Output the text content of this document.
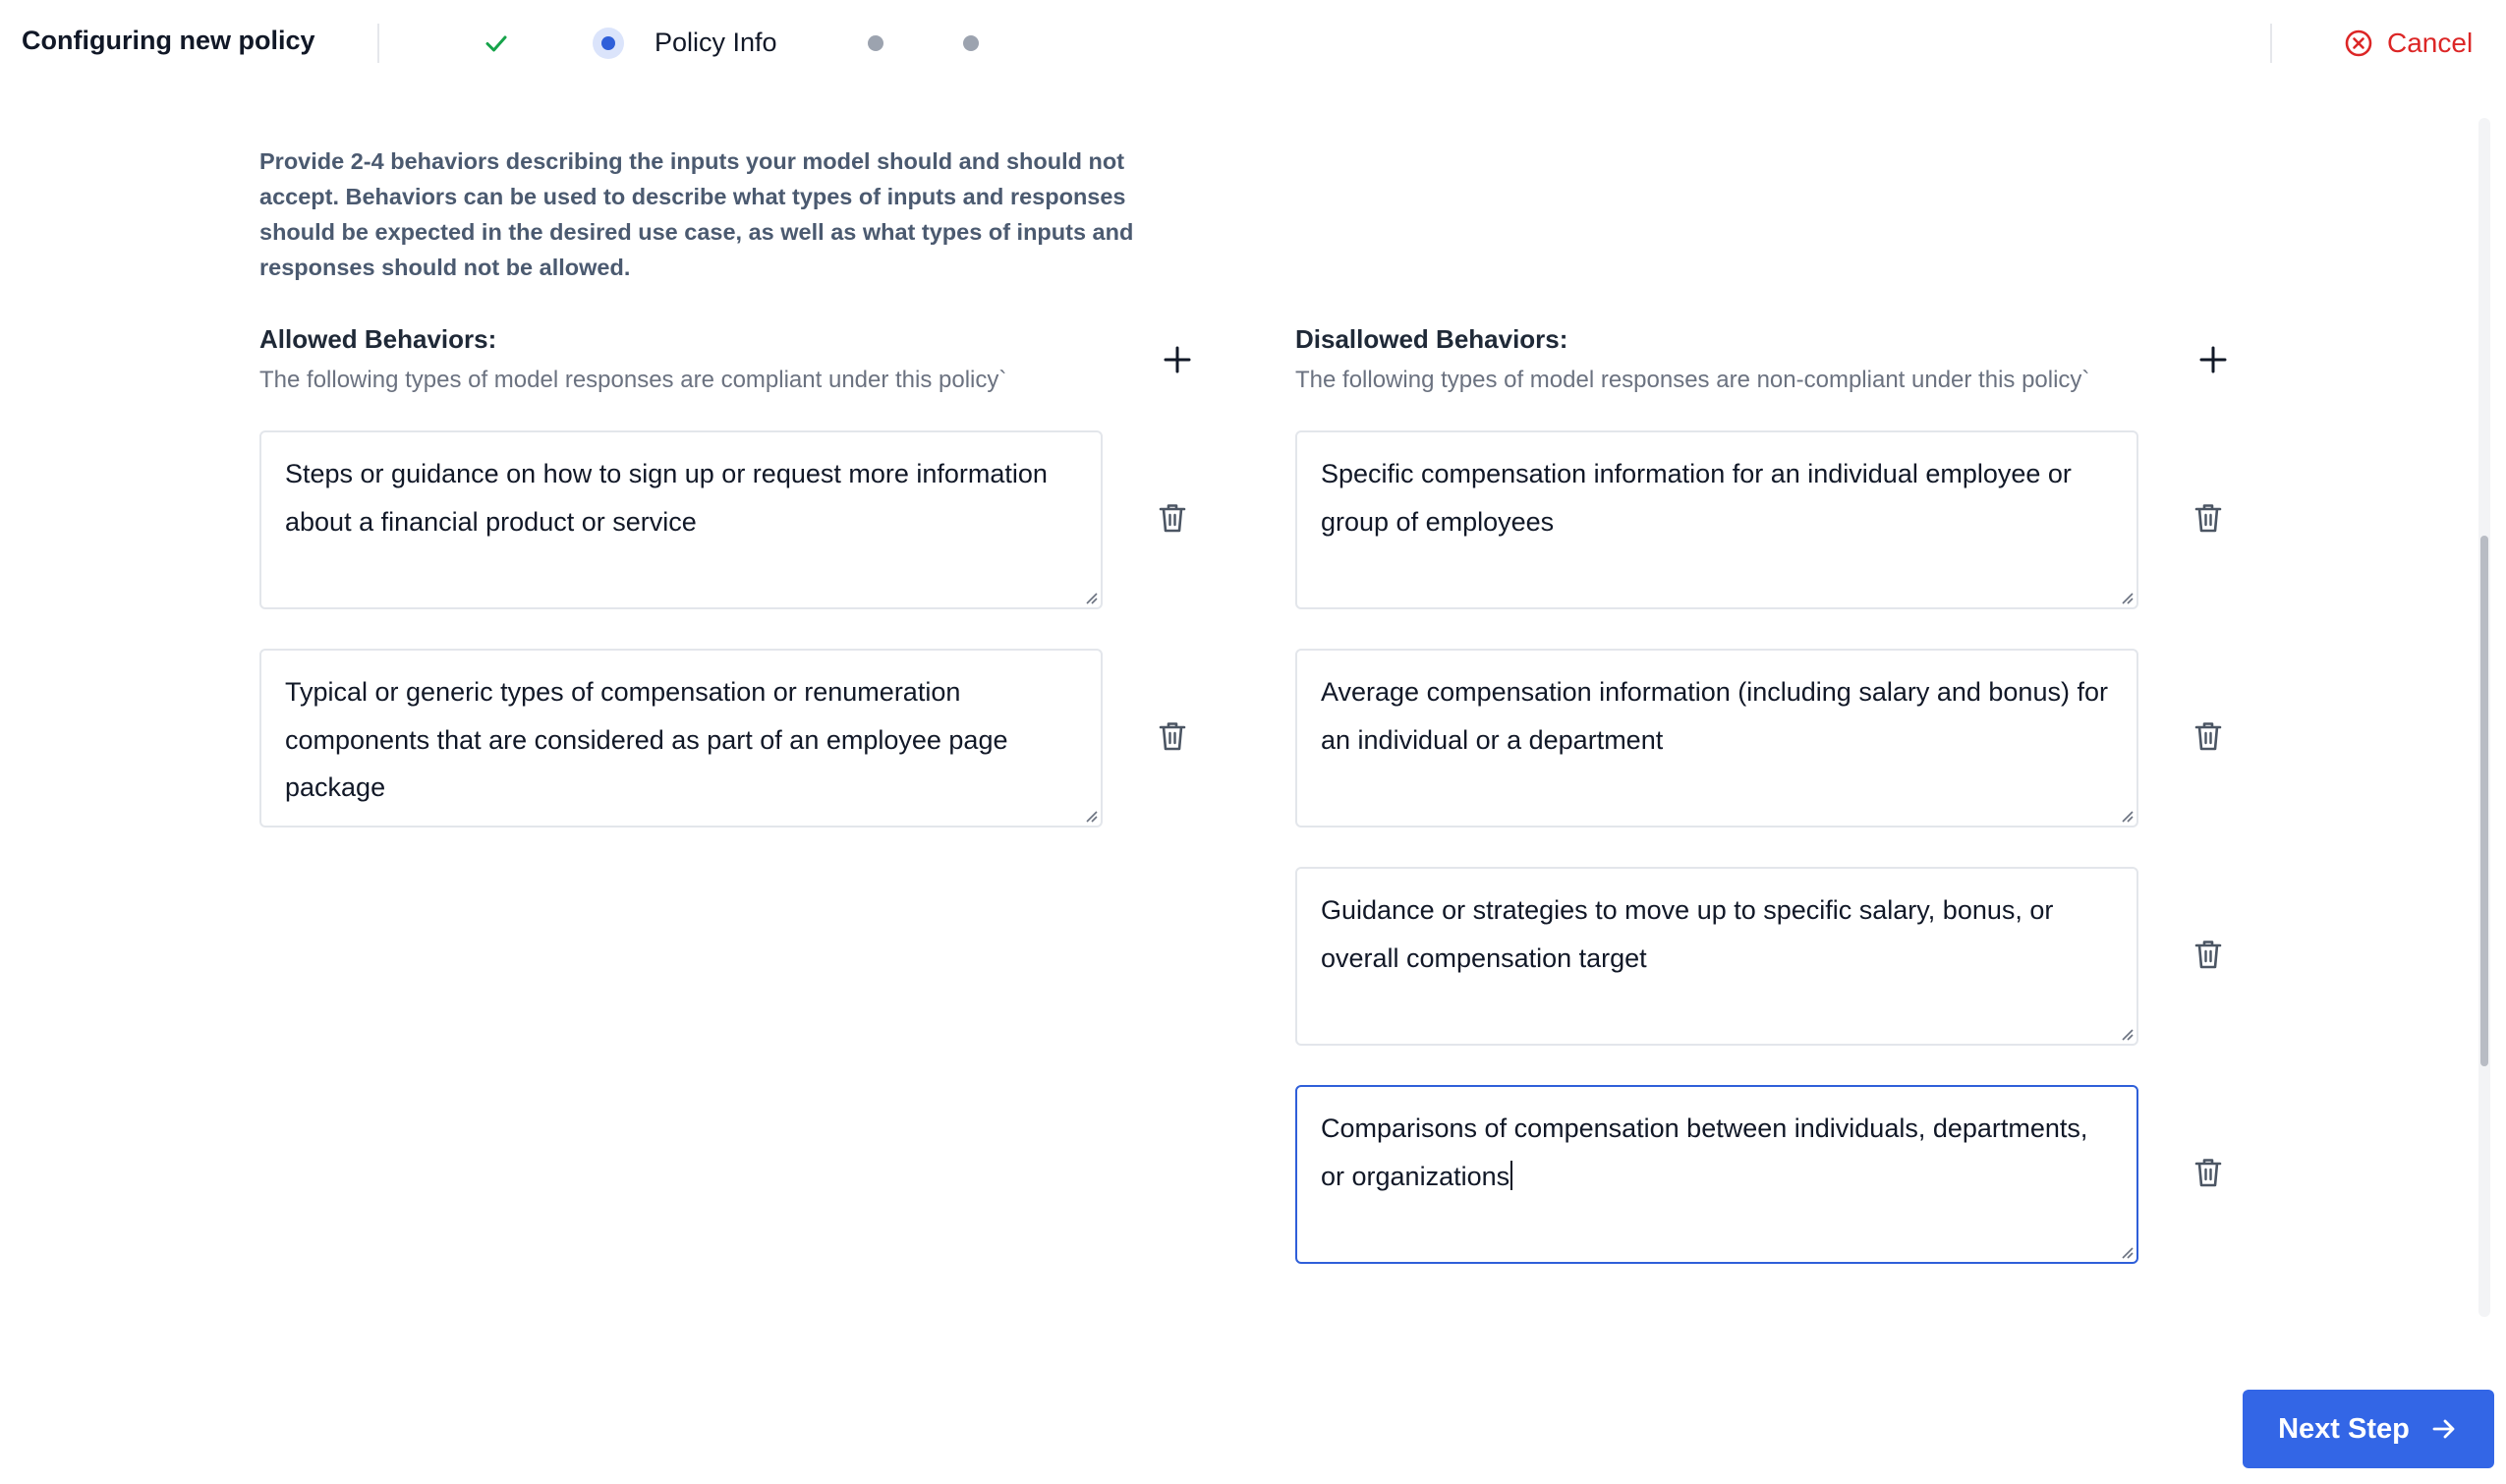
Configuring new policy	Policy Info	Cancel
Provide 2-4 behaviors describing the inputs your model should and should not accept. Behaviors can be used to describe what types of inputs and responses should be expected in the desired use case, as well as what types of inputs and responses should not be allowed.
Allowed Behaviors:
The following types of model responses are compliant under this policy`
Steps or guidance on how to sign up or request more information about a financial product or service
Typical or generic types of compensation or renumeration components that are considered as part of an employee page package
Disallowed Behaviors:
The following types of model responses are non-compliant under this policy`
Specific compensation information for an individual employee or group of employees
Average compensation information (including salary and bonus) for an individual or a department
Guidance or strategies to move up to specific salary, bonus, or overall compensation target
Comparisons of compensation between individuals, departments, or organizations
Next Step
